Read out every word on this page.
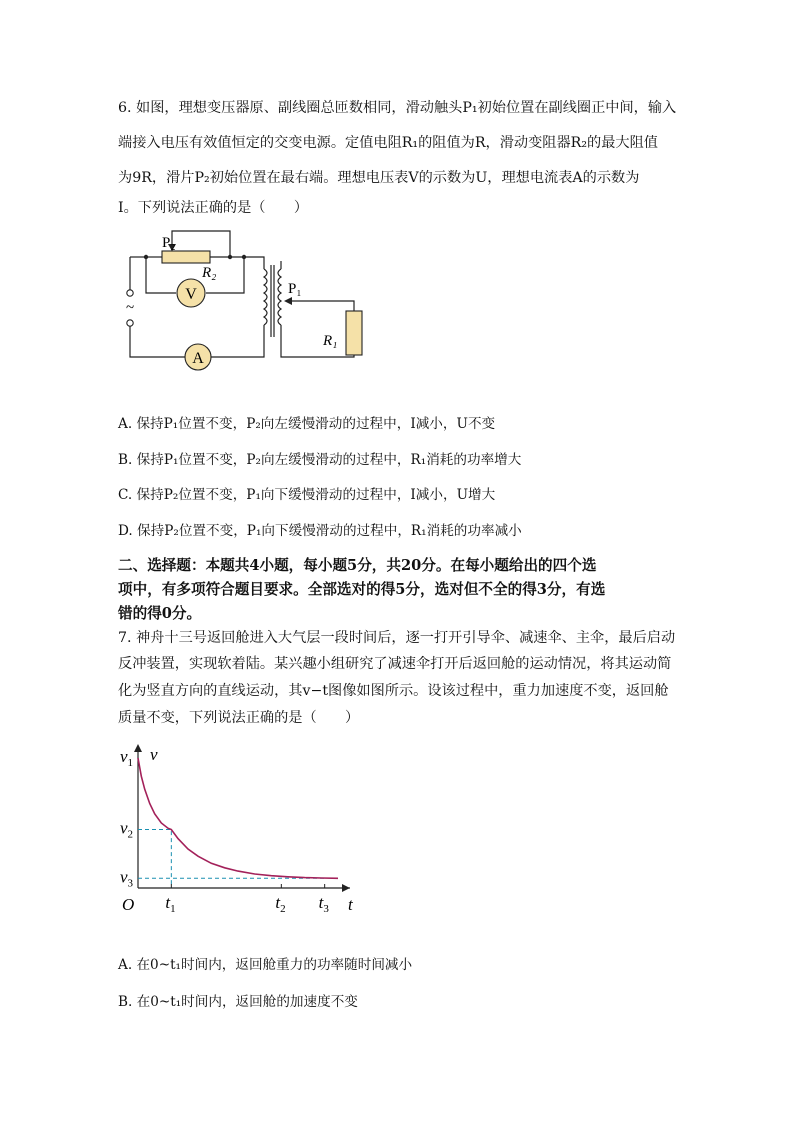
6. 如图，理想变压器原、副线圈总匝数相同，滑动触头P₁初始位置在副线圈正中间，输入
端接入电压有效值恒定的交变电源。定值电阻R₁的阻值为R，滑动变阻器R₂的最大阻值
为9R，滑片P₂初始位置在最右端。理想电压表V的示数为U，理想电流表A的示数为
I。下列说法正确的是（　　）
P₂
R₂
V
A
~
P₁
R₁
A. 保持P₁位置不变，P₂向左缓慢滑动的过程中，I减小，U不变
B. 保持P₁位置不变，P₂向左缓慢滑动的过程中，R₁消耗的功率增大
C. 保持P₂位置不变，P₁向下缓慢滑动的过程中，I减小，U增大
D. 保持P₂位置不变，P₁向下缓慢滑动的过程中，R₁消耗的功率减小
二、选择题：本题共4小题，每小题5分，共20分。在每小题给出的四个选
项中，有多项符合题目要求。全部选对的得5分，选对但不全的得3分，有选
错的得0分。
7. 神舟十三号返回舱进入大气层一段时间后，逐一打开引导伞、减速伞、主伞，最后启动
反冲装置，实现软着陆。某兴趣小组研究了减速伞打开后返回舱的运动情况，将其运动简
化为竖直方向的直线运动，其v−t图像如图所示。设该过程中，重力加速度不变，返回舱
质量不变，下列说法正确的是（　　）
$v_1$
$v_2$
$v_3$
$t_1$	$t_2$ $t_3$
v
t
O
A. 在0~t₁时间内，返回舱重力的功率随时间减小
B. 在0~t₁时间内，返回舱的加速度不变
